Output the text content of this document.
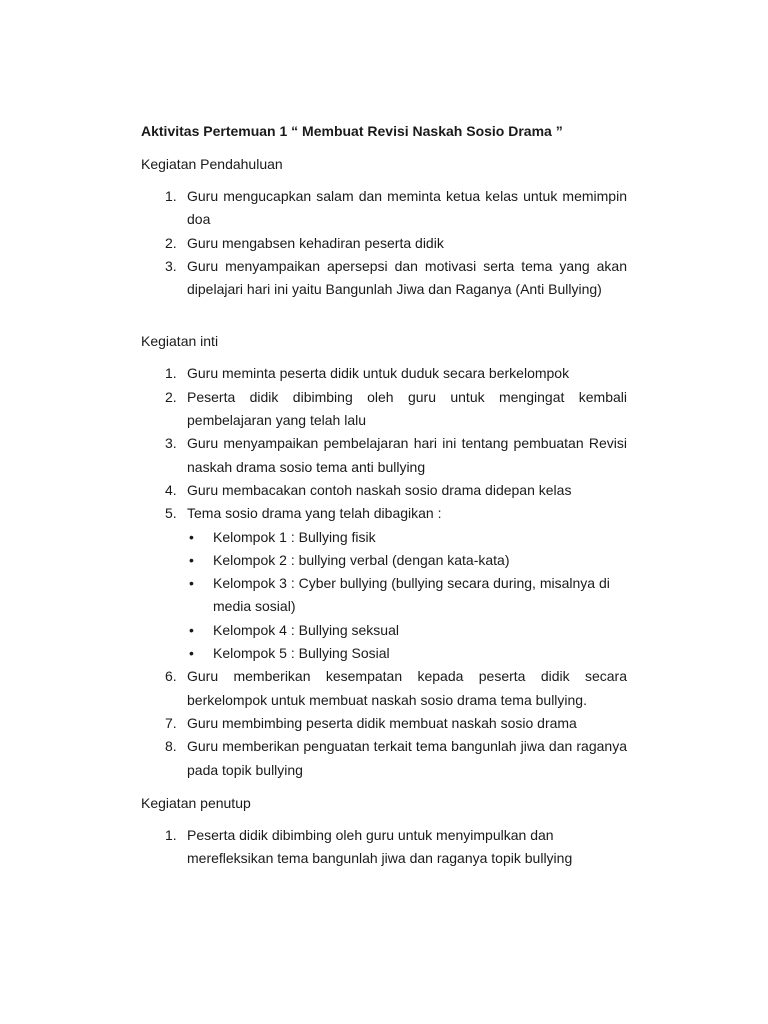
Aktivitas Pertemuan 1 “ Membuat Revisi Naskah Sosio Drama ”
Kegiatan Pendahuluan
1. Guru mengucapkan salam dan meminta ketua kelas untuk memimpin doa
2. Guru mengabsen kehadiran peserta didik
3. Guru menyampaikan apersepsi dan motivasi serta tema yang akan dipelajari hari ini yaitu Bangunlah Jiwa dan Raganya (Anti Bullying)
Kegiatan inti
1. Guru meminta peserta didik untuk duduk secara berkelompok
2. Peserta didik dibimbing oleh guru untuk mengingat kembali pembelajaran yang telah lalu
3. Guru menyampaikan pembelajaran hari ini tentang pembuatan Revisi naskah drama sosio tema anti bullying
4. Guru membacakan contoh naskah sosio drama didepan kelas
5. Tema sosio drama yang telah dibagikan :
• Kelompok 1 : Bullying fisik
• Kelompok 2 : bullying verbal (dengan kata-kata)
• Kelompok 3 : Cyber bullying (bullying secara during, misalnya di media sosial)
• Kelompok 4 : Bullying seksual
• Kelompok 5 : Bullying Sosial
6. Guru memberikan kesempatan kepada peserta didik secara berkelompok untuk membuat naskah sosio drama tema bullying.
7. Guru membimbing peserta didik membuat naskah sosio drama
8. Guru memberikan penguatan terkait tema bangunlah jiwa dan raganya pada topik bullying
Kegiatan penutup
1. Peserta didik dibimbing oleh guru untuk menyimpulkan dan merefleksikan tema bangunlah jiwa dan raganya topik bullying
